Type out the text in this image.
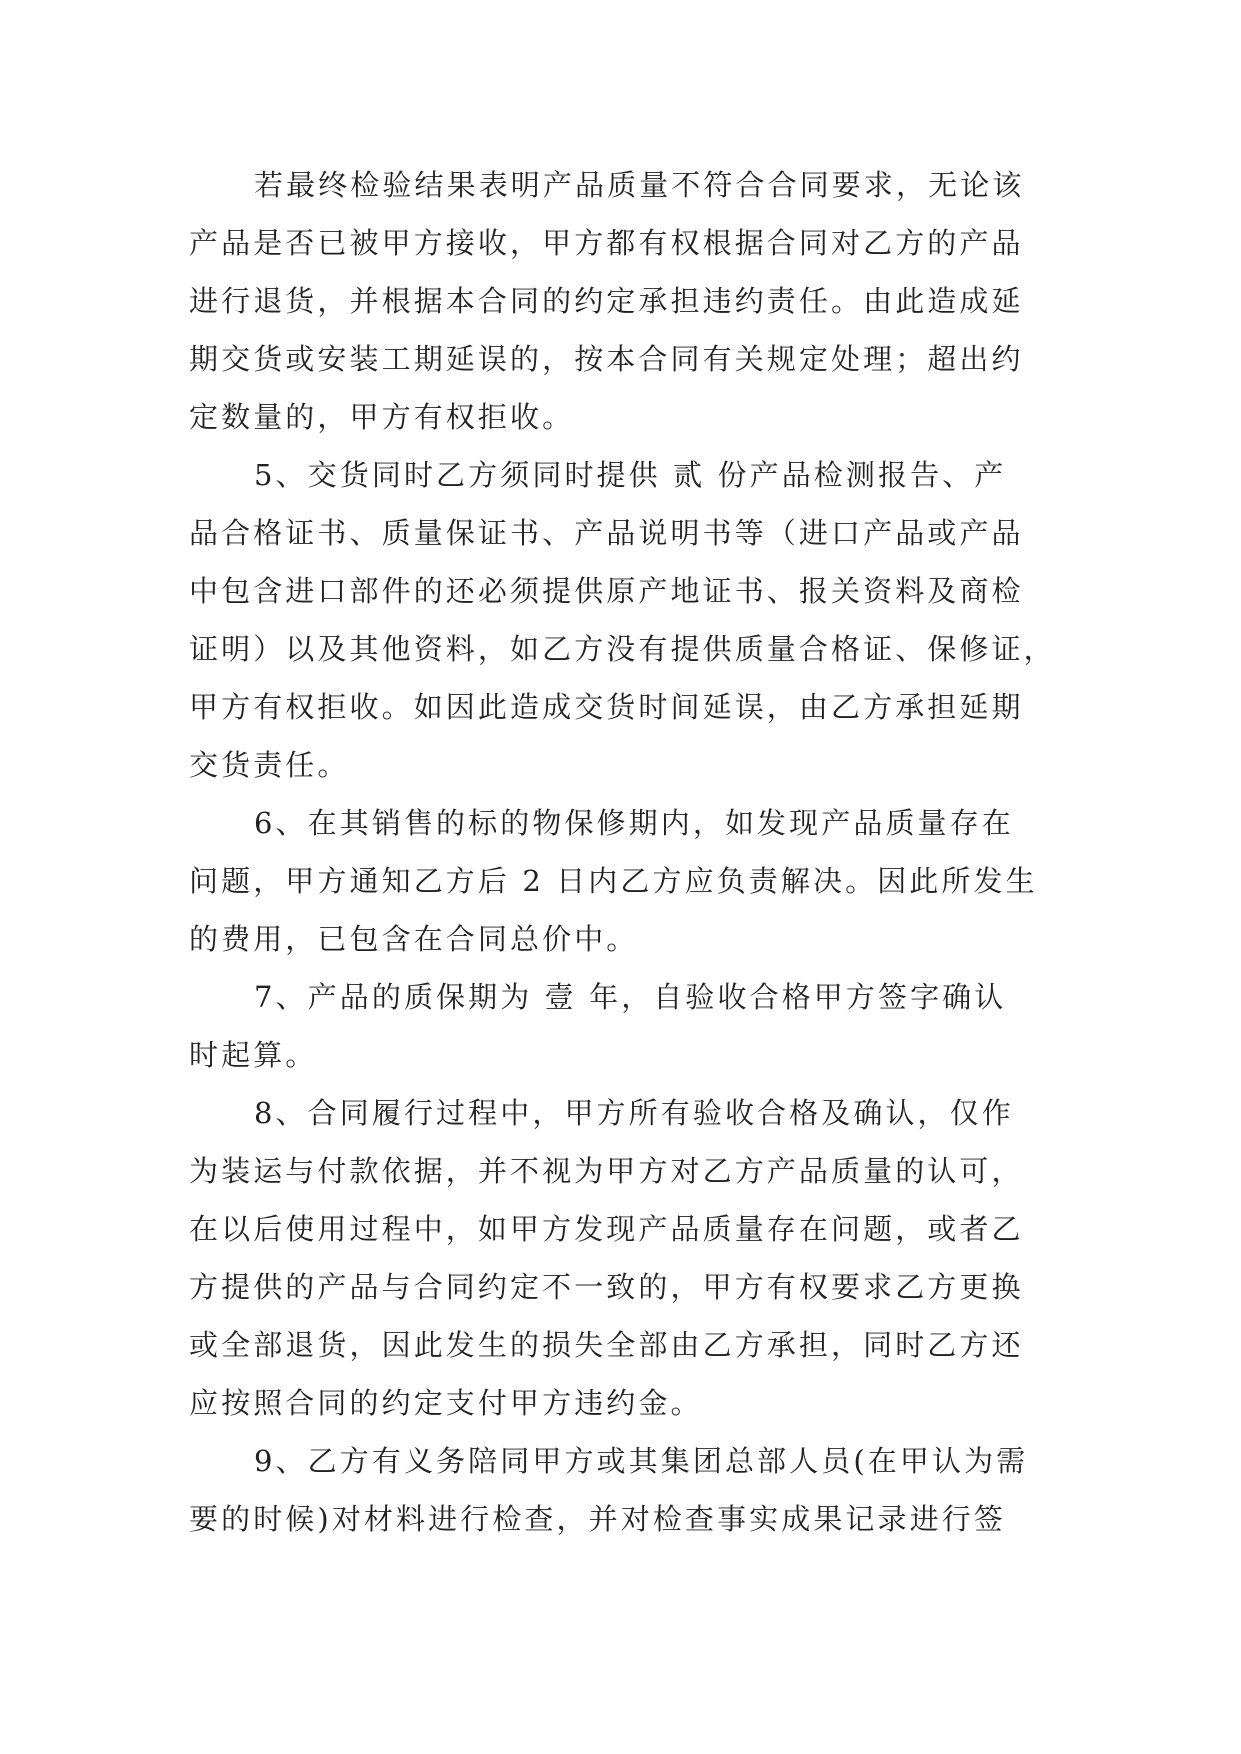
若最终检验结果表明产品质量不符合合同要求，无论该
产品是否已被甲方接收，甲方都有权根据合同对乙方的产品
进行退货，并根据本合同的约定承担违约责任。由此造成延
期交货或安装工期延误的，按本合同有关规定处理；超出约
定数量的，甲方有权拒收。
5、交货同时乙方须同时提供 贰 份产品检测报告、产
品合格证书、质量保证书、产品说明书等（进口产品或产品
中包含进口部件的还必须提供原产地证书、报关资料及商检
证明）以及其他资料，如乙方没有提供质量合格证、保修证，
甲方有权拒收。如因此造成交货时间延误，由乙方承担延期
交货责任。
6、在其销售的标的物保修期内，如发现产品质量存在
问题，甲方通知乙方后 2 日内乙方应负责解决。因此所发生
的费用，已包含在合同总价中。
7、产品的质保期为 壹 年，自验收合格甲方签字确认
时起算。
8、合同履行过程中，甲方所有验收合格及确认，仅作
为装运与付款依据，并不视为甲方对乙方产品质量的认可，
在以后使用过程中，如甲方发现产品质量存在问题，或者乙
方提供的产品与合同约定不一致的，甲方有权要求乙方更换
或全部退货，因此发生的损失全部由乙方承担，同时乙方还
应按照合同的约定支付甲方违约金。
9、乙方有义务陪同甲方或其集团总部人员(在甲认为需
要的时候)对材料进行检查，并对检查事实成果记录进行签
